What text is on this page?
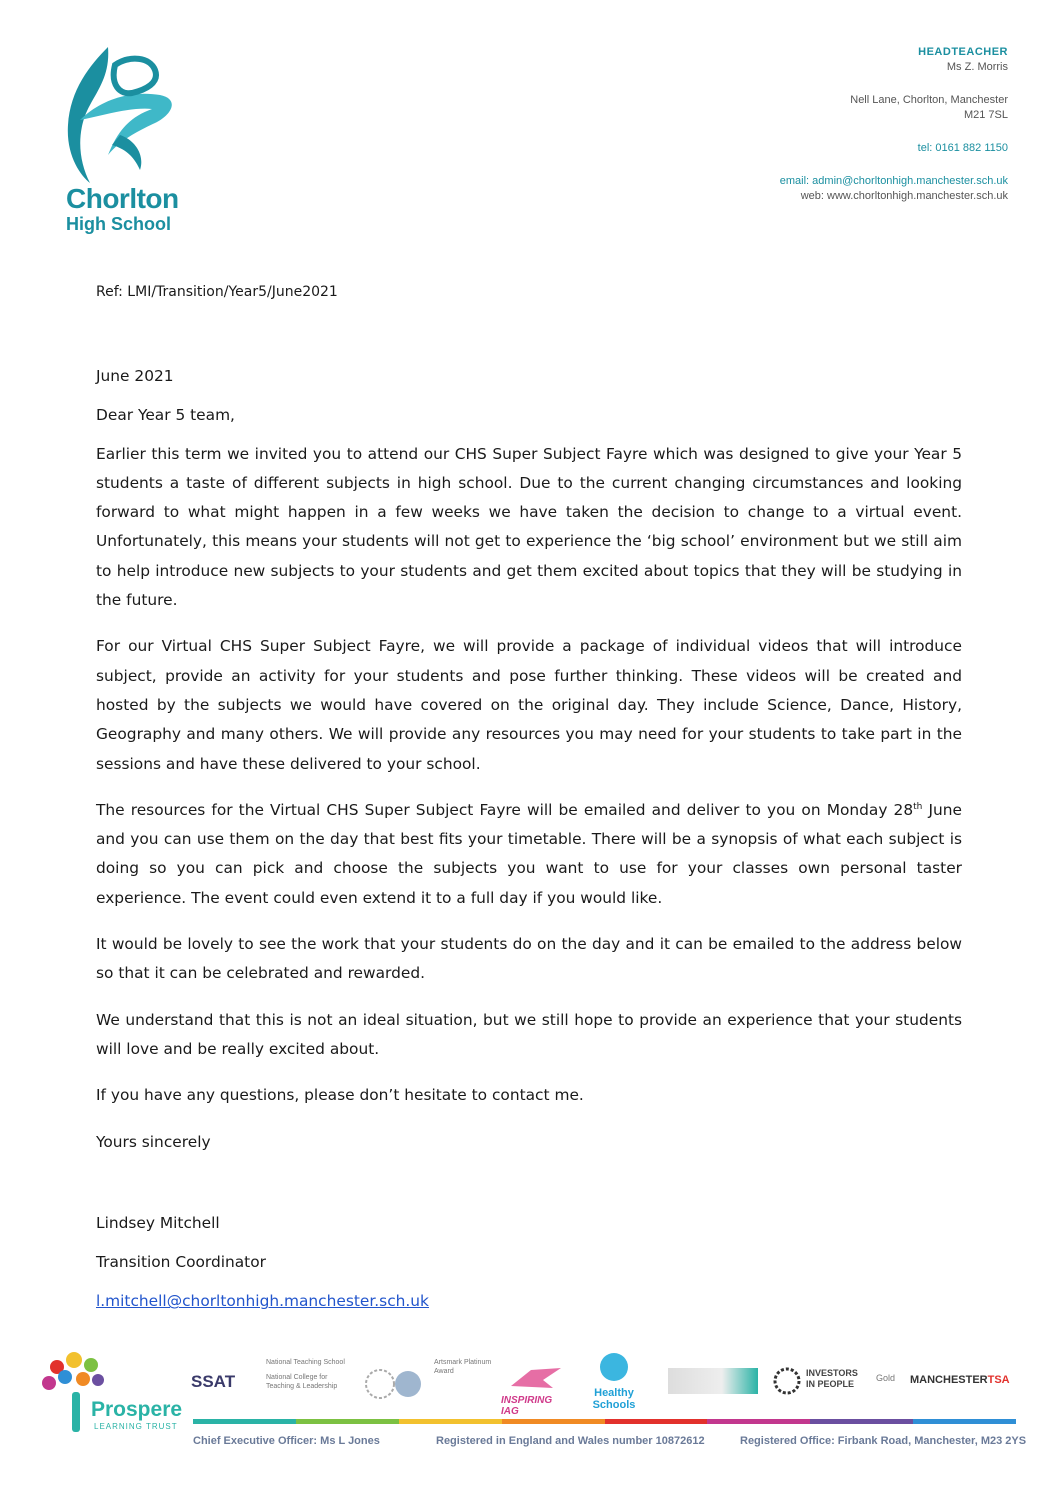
Chorlton
High School
HEADTEACHER
Ms Z. Morris
Nell Lane, Chorlton, Manchester
M21 7SL
tel: 0161 882 1150
email: admin@chorltonhigh.manchester.sch.uk
web: www.chorltonhigh.manchester.sch.uk
Ref: LMI/Transition/Year5/June2021

June 2021

Dear Year 5 team,

Earlier this term we invited you to attend our CHS Super Subject Fayre which was designed to give your Year 5 students a taste of different subjects in high school. Due to the current changing circumstances and looking forward to what might happen in a few weeks we have taken the decision to change to a virtual event. Unfortunately, this means your students will not get to experience the ‘big school’ environment but we still aim to help introduce new subjects to your students and get them excited about topics that they will be studying in the future.

For our Virtual CHS Super Subject Fayre, we will provide a package of individual videos that will introduce subject, provide an activity for your students and pose further thinking. These videos will be created and hosted by the subjects we would have covered on the original day. They include Science, Dance, History, Geography and many others. We will provide any resources you may need for your students to take part in the sessions and have these delivered to your school.

The resources for the Virtual CHS Super Subject Fayre will be emailed and deliver to you on Monday 28th June and you can use them on the day that best fits your timetable. There will be a synopsis of what each subject is doing so you can pick and choose the subjects you want to use for your classes own personal taster experience. The event could even extend it to a full day if you would like.

It would be lovely to see the work that your students do on the day and it can be emailed to the address below so that it can be celebrated and rewarded.

We understand that this is not an ideal situation, but we still hope to provide an experience that your students will love and be really excited about.

If you have any questions, please don’t hesitate to contact me.

Yours sincerely

Lindsey Mitchell
Transition Coordinator
l.mitchell@chorltonhigh.manchester.sch.uk
Prospere
LEARNING TRUST
SSAT
National Teaching School
National College for Teaching & Leadership
Artsmark Platinum Award
INSPIRING IAG
Healthy Schools
INVESTORS
IN PEOPLE
Gold MANCHESTERTSA
Chief Executive Officer: Ms L Jones	Registered in England and Wales number 10872612	Registered Office: Firbank Road, Manchester, M23 2YS
